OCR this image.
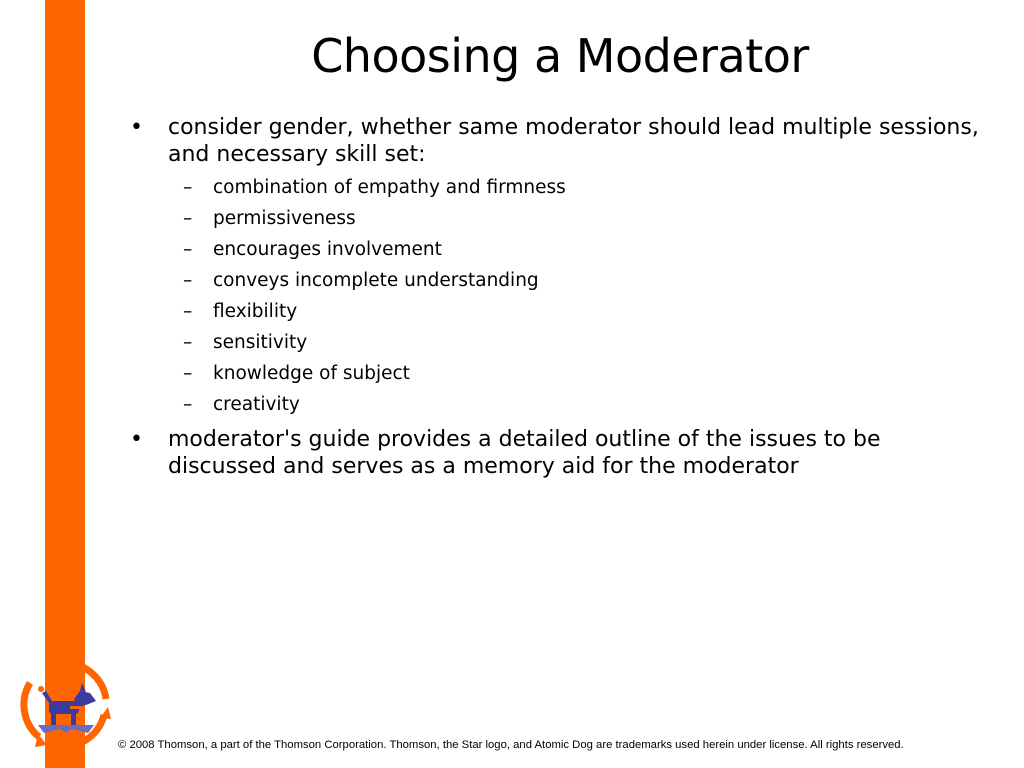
Choosing a Moderator
• consider gender, whether same moderator should lead multiple sessions, and necessary skill set:
– combination of empathy and firmness
– permissiveness
– encourages involvement
– conveys incomplete understanding
– flexibility
– sensitivity
– knowledge of subject
– creativity
• moderator's guide provides a detailed outline of the issues to be discussed and serves as a memory aid for the moderator
© 2008 Thomson, a part of the Thomson Corporation. Thomson, the Star logo, and Atomic Dog are trademarks used herein under license. All rights reserved.
